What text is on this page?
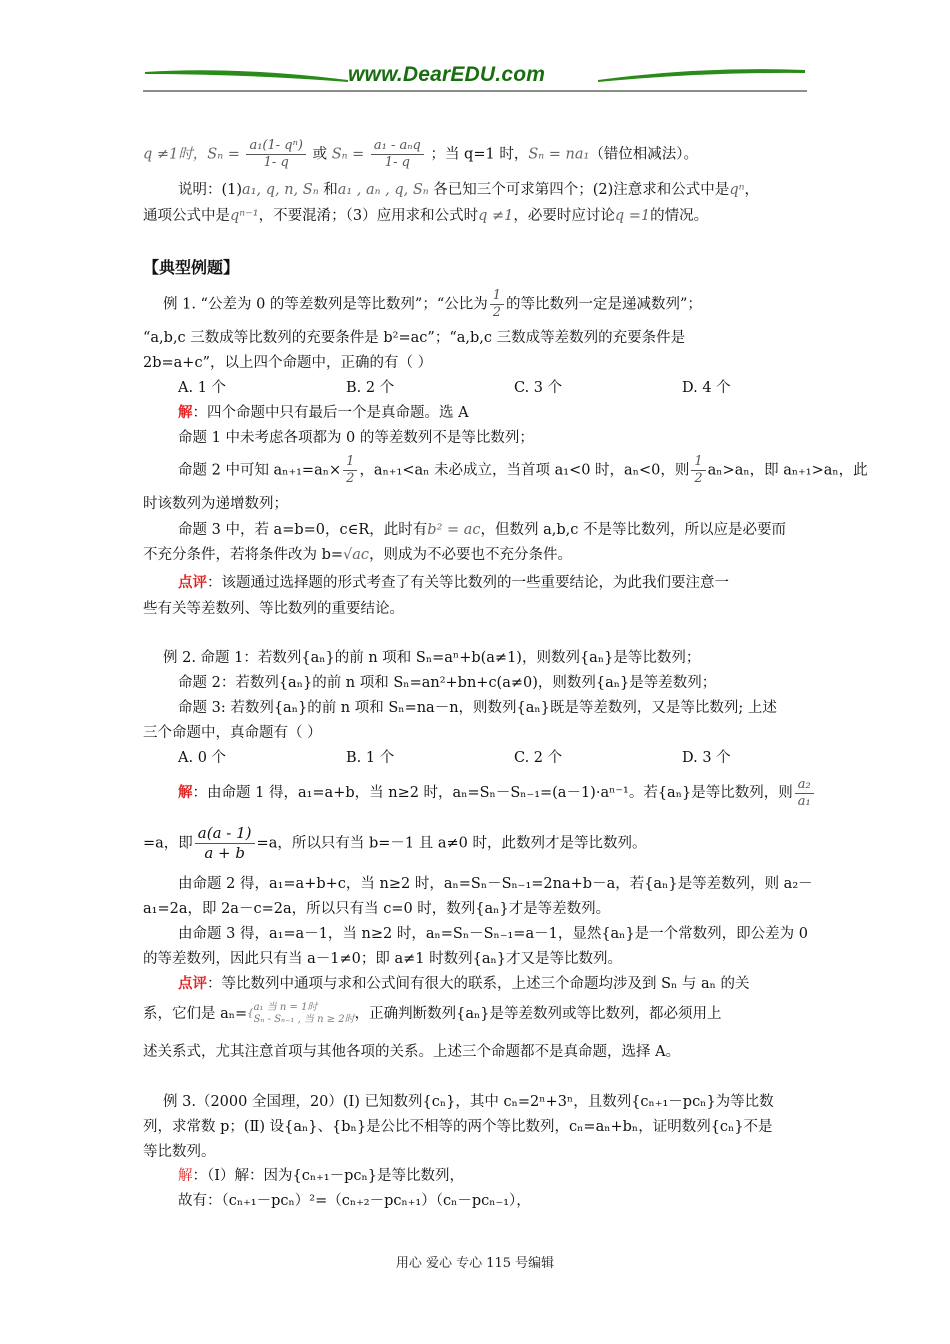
www.DearEDU.com
q ≠1时，$S_n = \frac{\text{a₁(1- qⁿ)}}{1- q}$ 或 $S_n = \frac{\text{a₁ - aₙq}}{1- q}$ ；当 q=1 时，Sₙ = na₁（错位相减法）。
说明：(1)a₁, q, n, Sₙ 和a₁ , aₙ , q, Sₙ 各已知三个可求第四个；(2)注意求和公式中是qⁿ，
通项公式中是qⁿ⁻¹，不要混淆；（3）应用求和公式时q ≠1，必要时应讨论q =1的情况。
【典型例题】
例 1. “公差为 0 的等差数列是等比数列”；“公比为 $\frac{1}{2}$ 的等比数列一定是递减数列”；
“a,b,c 三数成等比数列的充要条件是 b²=ac”；“a,b,c 三数成等差数列的充要条件是
2b=a+c”，以上四个命题中，正确的有（ ）
A. 1 个	B. 2 个	C. 3 个	D. 4 个
解：四个命题中只有最后一个是真命题。选 A
命题 1 中未考虑各项都为 0 的等差数列不是等比数列；
命题 2 中可知 $a_{n+1}=a_n\times \frac{1}{2}$ ，aₙ₊₁<aₙ 未必成立，当首项 a₁<0 时，aₙ<0，则 $\frac{1}{2} a_n>a_n$，即 aₙ₊₁>aₙ，此
时该数列为递增数列；
命题 3 中，若 a=b=0，c∈R，此时有b² = ac，但数列 a,b,c 不是等比数列，所以应是必要而
不充分条件，若将条件改为 b=√ac，则成为不必要也不充分条件。
点评：该题通过选择题的形式考查了有关等比数列的一些重要结论，为此我们要注意一
些有关等差数列、等比数列的重要结论。
例 2. 命题 1：若数列{aₙ}的前 n 项和 Sₙ=aⁿ+b(a≠1)，则数列{aₙ}是等比数列；
命题 2：若数列{aₙ}的前 n 项和 Sₙ=an²+bn+c(a≠0)，则数列{aₙ}是等差数列；
命题 3: 若数列{aₙ}的前 n 项和 Sₙ=na－n，则数列{aₙ}既是等差数列，又是等比数列; 上述
三个命题中，真命题有（ ）
A. 0 个	B. 1 个	C. 2 个	D. 3 个
解：由命题 1 得，a₁=a+b，当 n≥2 时，aₙ=Sₙ－Sₙ₋₁=(a－1)·aⁿ⁻¹。若{aₙ}是等比数列，则 $\frac{\text{a₂}}{\text{a₁}}$
=a，即 $\frac{a(a - 1)}{a + b} =a$，所以只有当 b=－1 且 a≠0 时，此数列才是等比数列。
由命题 2 得，a₁=a+b+c，当 n≥2 时，aₙ=Sₙ－Sₙ₋₁=2na+b－a，若{aₙ}是等差数列，则 a₂－
a₁=2a，即 2a－c=2a，所以只有当 c=0 时，数列{aₙ}才是等差数列。
由命题 3 得，a₁=a－1，当 n≥2 时，aₙ=Sₙ－Sₙ₋₁=a－1，显然{aₙ}是一个常数列，即公差为 0
的等差数列，因此只有当 a－1≠0；即 a≠1 时数列{aₙ}才又是等比数列。
点评：等比数列中通项与求和公式间有很大的联系，上述三个命题均涉及到 Sₙ 与 aₙ 的关
系，它们是 aₙ={
a₁ 当 n = 1时
Sₙ - Sₙ₋₁ , 当 n ≥ 2时 ，正确判断数列{aₙ}是等差数列或等比数列，都必须用上
述关系式，尤其注意首项与其他各项的关系。上述三个命题都不是真命题，选择 A。
例 3.（2000 全国理，20）(Ⅰ) 已知数列{cₙ}，其中 cₙ=2ⁿ+3ⁿ，且数列{cₙ₊₁－pcₙ}为等比数
列，求常数 p；(Ⅱ) 设{aₙ}、{bₙ}是公比不相等的两个等比数列，cₙ=aₙ+bₙ，证明数列{cₙ}不是
等比数列。
解：（Ⅰ）解：因为{cₙ₊₁－pcₙ}是等比数列，
故有：（cₙ₊₁－pcₙ）²=（cₙ₊₂－pcₙ₊₁）（cₙ－pcₙ₋₁），
用心 爱心 专心 115 号编辑
